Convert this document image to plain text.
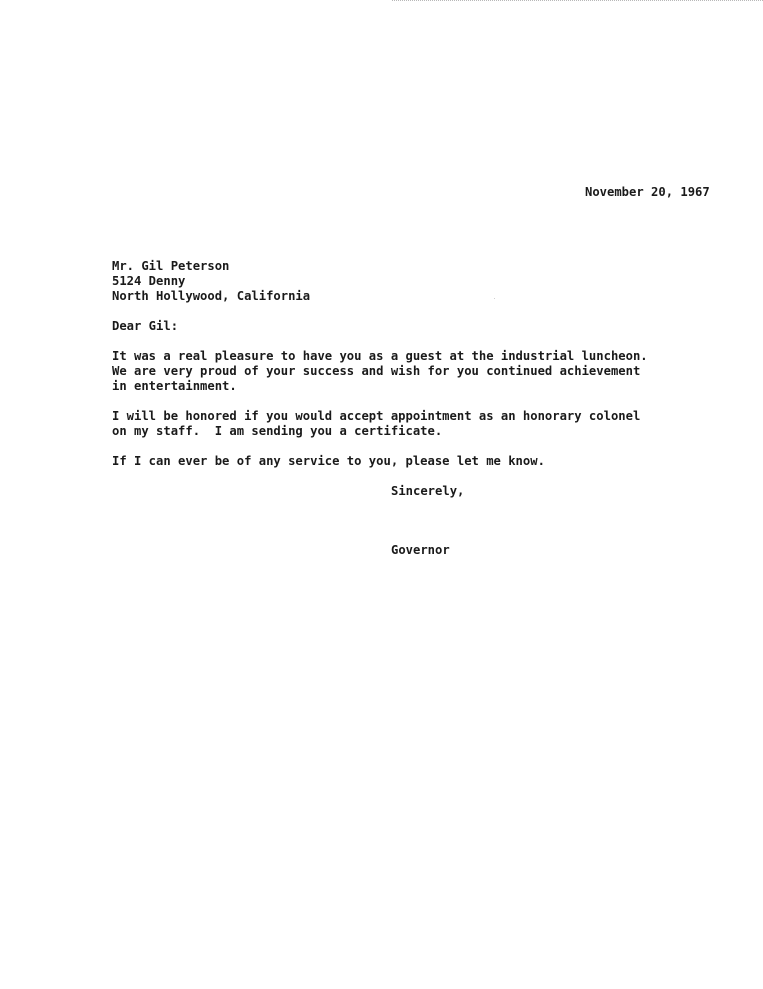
November 20, 1967
Mr. Gil Peterson
5124 Denny
North Hollywood, California
Dear Gil:
It was a real pleasure to have you as a guest at the industrial luncheon.
We are very proud of your success and wish for you continued achievement
in entertainment.
I will be honored if you would accept appointment as an honorary colonel
on my staff.  I am sending you a certificate.
If I can ever be of any service to you, please let me know.
Sincerely,
Governor
